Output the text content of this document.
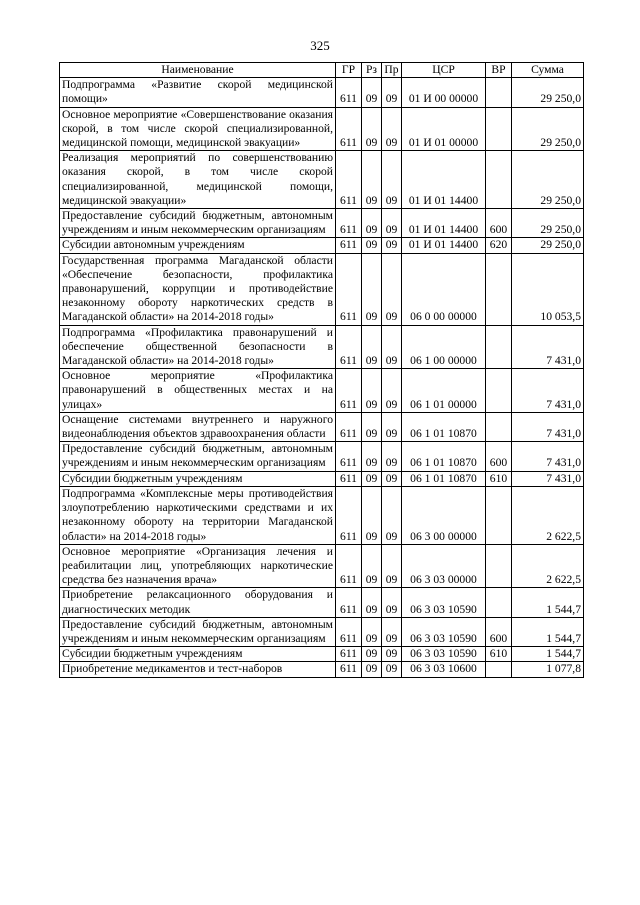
325
Наименование	ГР	Рз	Пр	ЦСР	ВР	Сумма
Подпрограмма «Развитие скорой медицинской помощи»	611	09	09	01 И 00 00000		29 250,0
Основное мероприятие «Совершенствование оказания скорой, в том числе скорой специализированной, медицинской помощи, медицинской эвакуации»	611	09	09	01 И 01 00000		29 250,0
Реализация мероприятий по совершенствованию оказания скорой, в том числе скорой специализированной, медицинской помощи, медицинской эвакуации»	611	09	09	01 И 01 14400		29 250,0
Предоставление субсидий бюджетным, автономным учреждениям и иным некоммерческим организациям	611	09	09	01 И 01 14400	600	29 250,0
Субсидии автономным учреждениям	611	09	09	01 И 01 14400	620	29 250,0
Государственная программа Магаданской области «Обеспечение безопасности, профилактика правонарушений, коррупции и противодействие незаконному обороту наркотических средств в Магаданской области» на 2014-2018 годы»	611	09	09	06 0 00 00000		10 053,5
Подпрограмма «Профилактика правонарушений и обеспечение общественной безопасности в Магаданской области» на 2014-2018 годы»	611	09	09	06 1 00 00000		7 431,0
Основное мероприятие «Профилактика правонарушений в общественных местах и на улицах»	611	09	09	06 1 01 00000		7 431,0
Оснащение системами внутреннего и наружного видеонаблюдения объектов здравоохранения области	611	09	09	06 1 01 10870		7 431,0
Предоставление субсидий бюджетным, автономным учреждениям и иным некоммерческим организациям	611	09	09	06 1 01 10870	600	7 431,0
Субсидии бюджетным учреждениям	611	09	09	06 1 01 10870	610	7 431,0
Подпрограмма «Комплексные меры противодействия злоупотреблению наркотическими средствами и их незаконному обороту на территории Магаданской области» на 2014-2018 годы»	611	09	09	06 3 00 00000		2 622,5
Основное мероприятие «Организация лечения и реабилитации лиц, употребляющих наркотические средства без назначения врача»	611	09	09	06 3 03 00000		2 622,5
Приобретение релаксационного оборудования и диагностических методик	611	09	09	06 3 03 10590		1 544,7
Предоставление субсидий бюджетным, автономным учреждениям и иным некоммерческим организациям	611	09	09	06 3 03 10590	600	1 544,7
Субсидии бюджетным учреждениям	611	09	09	06 3 03 10590	610	1 544,7
Приобретение медикаментов и тест-наборов	611	09	09	06 3 03 10600		1 077,8
